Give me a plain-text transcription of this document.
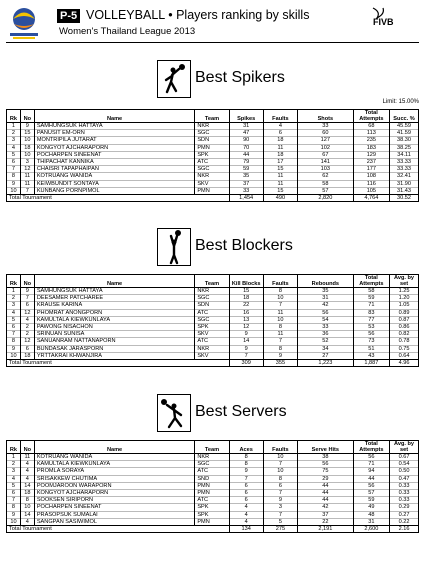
P-5 VOLLEYBALL • Players ranking by skills
Women's Thailand League 2013
FIVB
Best Spikers
Limit: 15.00%
Rk	No	Name	Team	Spikes	Faults	Shots	Total Attempts	Succ. %
1	9	SAMHUNGSUK HATTAYA	NKR	31	4	33	68	45.59
2	15	PANUSIT EM-ORN	SGC	47	6	60	113	41.59
3	10	MONTRIPILA JUTARAT	SDN	90	18	127	235	38.30
4	18	KONGYOT AJCHARAPORN	PMN	70	11	102	183	38.25
5	10	POCHARPEN SINEENAT	SPK	44	18	67	129	34.11
6	3	THIPACHAT KANNIKA	ATC	79	17	141	237	33.33
7	12	CHAISRI TAPAPHAIPAN	SGC	59	15	103	177	33.33
8	11	KOTRUANG WANIDA	NKR	35	11	62	108	32.41
9	11	KEIWBUNDIT SONTAYA	SKV	37	11	58	116	31.90
10	7	KUNBANG PORNPIMOL	PMN	33	15	57	105	31.43
Total Tournament				1,454	490	2,820	4,764	30.52
Best Blockers
Rk	No	Name	Team	Kill Blocks	Faults	Rebounds	Total Attempts	Avg. by set
1	9	SAMHUNGSUK HATTAYA	NKR	15	8	35	58	1.25
2	7	DEESAMER PATCHAREE	SGC	18	10	31	59	1.20
3	6	KRAUSE KARINA	SDN	22	7	42	71	1.05
4	12	PHOMRAT ANONGPORN	ATC	16	11	56	83	0.89
5	4	KAMULTALA KIEWKUNLAYA	SGC	13	10	54	77	0.87
6	2	PAWONG NISACHON	SPK	12	8	33	53	0.86
7	2	SRINUAN SUNISA	SKV	9	11	36	56	0.82
8	12	SANUANRAM NATTANAPORN	ATC	14	7	52	73	0.78
9	6	BUNDASAK JARASPORN	NKR	9	8	34	51	0.75
10	18	YRTTAKRAI KHWANJIRA	SKV	7	9	27	43	0.64
Total Tournament				309	355	1,223	1,887	4.96
Best Servers
Rk	No	Name	Team	Aces	Faults	Serve Hits	Total Attempts	Avg. by set
1	11	KOTRUANG WANIDA	NKR	8	10	38	56	0.67
2	4	KAMULTALA KIEWKUNLAYA	SGC	8	7	56	71	0.54
3	4	PROMLA SORAYA	ATC	9	10	75	94	0.50
4	4	SRISAKKEW CHUTIMA	SND	7	8	29	44	0.47
5	14	POOMJAROON WARAPORN	PMN	6	6	44	56	0.33
6	18	KONGYOT AJCHARAPORN	PMN	6	7	44	57	0.33
7	8	SOOKSEN SIRIPORN	ATC	6	9	44	59	0.33
8	10	POCHARPEN SINEENAT	SPK	4	3	42	49	0.29
9	14	PRASOPSUK SUMALAI	SPK	4	7	37	48	0.27
10	4	SANGPAN SASIWIMOL	PMN	4	5	22	31	0.22
Total Tournament				134	275	2,191	2,600	2.16
